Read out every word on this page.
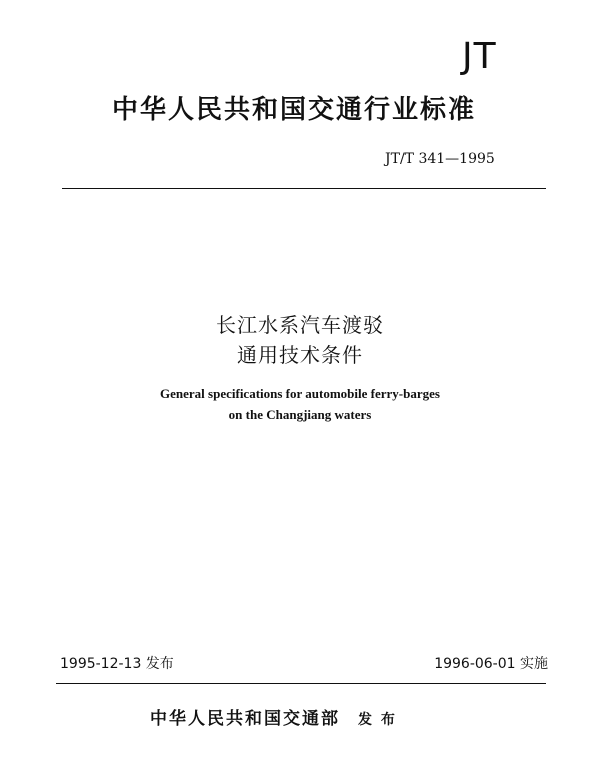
JT
中华人民共和国交通行业标准
JT/T 341—1995
长江水系汽车渡驳
通用技术条件
General specifications for automobile ferry-barges
on the Changjiang waters
1995-12-13 发布	1996-06-01 实施
中华人民共和国交通部 发 布
